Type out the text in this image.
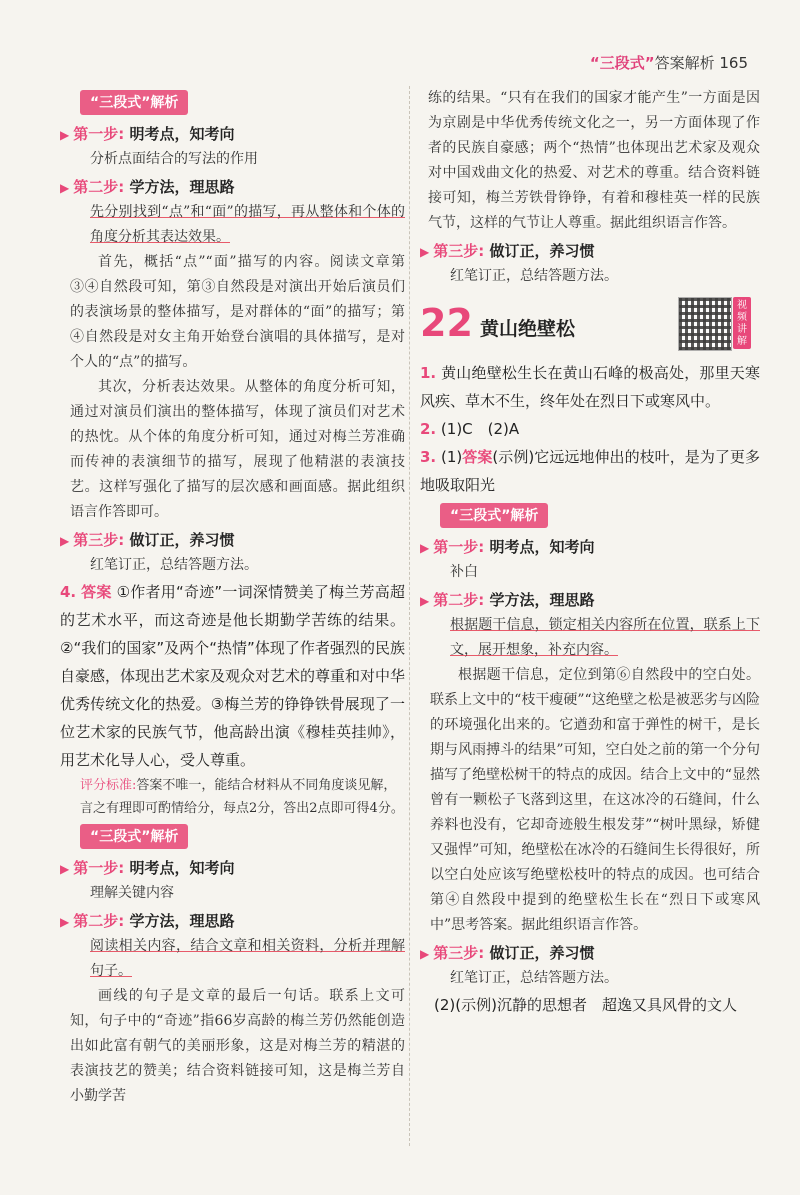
“三段式”答案解析 165
“三段式”解析
▶ 第一步: 明考点，知考向
分析点面结合的写法的作用
▶ 第二步: 学方法，理思路
先分别找到“点”和“面”的描写，再从整体和个体的角度分析其表达效果。
首先，概括“点”“面”描写的内容。阅读文章第③④自然段可知，第③自然段是对演出开始后演员们的表演场景的整体描写，是对群体的“面”的描写；第④自然段是对女主角开始登台演唱的具体描写，是对个人的“点”的描写。
其次，分析表达效果。从整体的角度分析可知，通过对演员们演出的整体描写，体现了演员们对艺术的热忱。从个体的角度分析可知，通过对梅兰芳准确而传神的表演细节的描写，展现了他精湛的表演技艺。这样写强化了描写的层次感和画面感。据此组织语言作答即可。
▶ 第三步: 做订正，养习惯
红笔订正，总结答题方法。
4. 答案 ①作者用“奇迹”一词深情赞美了梅兰芳高超的艺术水平，而这奇迹是他长期勤学苦练的结果。②“我们的国家”及两个“热情”体现了作者强烈的民族自豪感，体现出艺术家及观众对艺术的尊重和对中华优秀传统文化的热爱。③梅兰芳的铮铮铁骨展现了一位艺术家的民族气节，他高龄出演《穆桂英挂帅》，用艺术化导人心，受人尊重。
评分标准:答案不唯一，能结合材料从不同角度谈见解，言之有理即可酌情给分，每点2分，答出2点即可得4分。
“三段式”解析
▶ 第一步: 明考点，知考向
理解关键内容
▶ 第二步: 学方法，理思路
阅读相关内容，结合文章和相关资料，分析并理解句子。
画线的句子是文章的最后一句话。联系上文可知，句子中的“奇迹”指66岁高龄的梅兰芳仍然能创造出如此富有朝气的美丽形象，这是对梅兰芳的精湛的表演技艺的赞美；结合资料链接可知，这是梅兰芳自小勤学苦
练的结果。“只有在我们的国家才能产生”一方面是因为京剧是中华优秀传统文化之一，另一方面体现了作者的民族自豪感；两个“热情”也体现出艺术家及观众对中国戏曲文化的热爱、对艺术的尊重。结合资料链接可知，梅兰芳铁骨铮铮，有着和穆桂英一样的民族气节，这样的气节让人尊重。据此组织语言作答。
▶ 第三步: 做订正，养习惯
红笔订正，总结答题方法。
22 黄山绝壁松
视频讲解
1. 黄山绝壁松生长在黄山石峰的极高处，那里天寒风疾、草木不生，终年处在烈日下或寒风中。
2. (1)C　(2)A
3. (1)答案(示例)它远远地伸出的枝叶，是为了更多地吸取阳光
“三段式”解析
▶ 第一步: 明考点，知考向
补白
▶ 第二步: 学方法，理思路
根据题干信息，锁定相关内容所在位置，联系上下文，展开想象，补充内容。
根据题干信息，定位到第⑥自然段中的空白处。联系上文中的“枝干瘦硬”“这绝壁之松是被恶劣与凶险的环境强化出来的。它遒劲和富于弹性的树干，是长期与风雨搏斗的结果”可知，空白处之前的第一个分句描写了绝壁松树干的特点的成因。结合上文中的“显然曾有一颗松子飞落到这里，在这冰冷的石缝间，什么养料也没有，它却奇迹般生根发芽”“树叶黑绿，矫健又强悍”可知，绝壁松在冰冷的石缝间生长得很好，所以空白处应该写绝壁松枝叶的特点的成因。也可结合第④自然段中提到的绝壁松生长在“烈日下或寒风中”思考答案。据此组织语言作答。
▶ 第三步: 做订正，养习惯
红笔订正，总结答题方法。
(2)(示例)沉静的思想者　超逸又具风骨的文人
